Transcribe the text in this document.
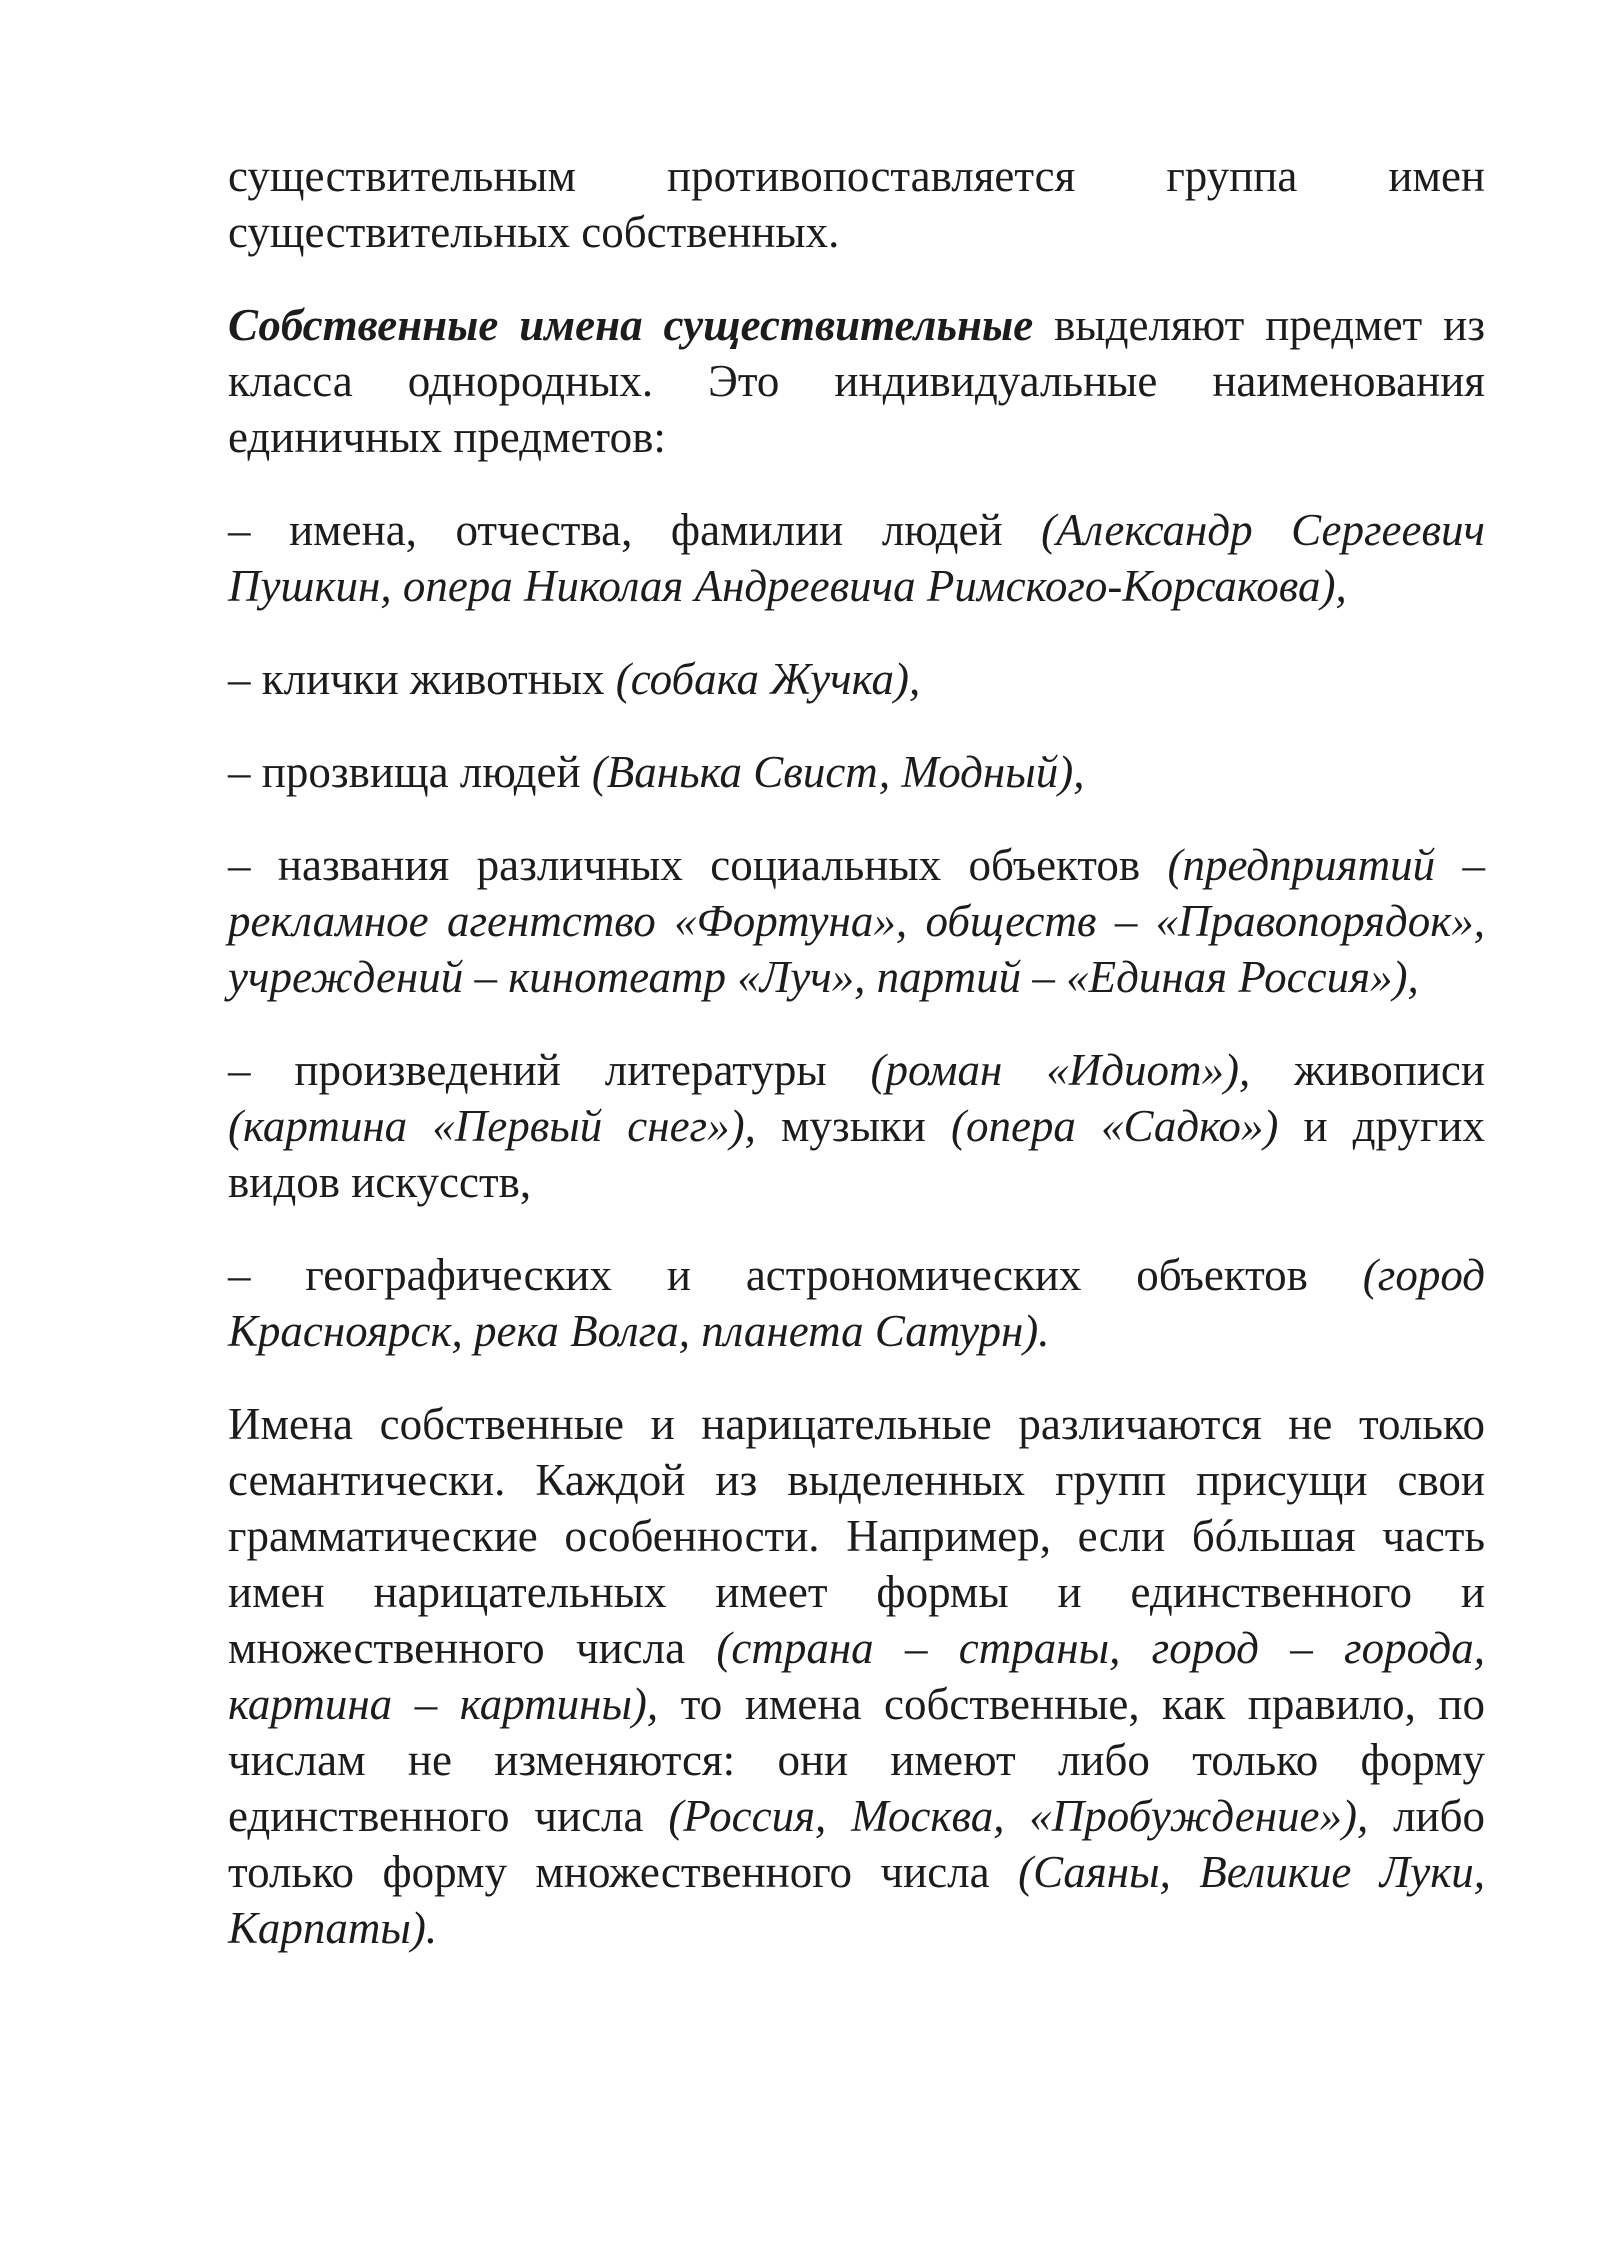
существительным противопоставляется группа имен существительных собственных.

Собственные имена существительные выделяют предмет из класса однородных. Это индивидуальные наименования единичных предметов:

– имена, отчества, фамилии людей (Александр Сергеевич Пушкин, опера Николая Андреевича Римского-Корсакова),

– клички животных (собака Жучка),

– прозвища людей (Ванька Свист, Модный),

– названия различных социальных объектов (предприятий – рекламное агентство «Фортуна», обществ – «Правопорядок», учреждений – кинотеатр «Луч», партий – «Единая Россия»),

– произведений литературы (роман «Идиот»), живописи (картина «Первый снег»), музыки (опера «Садко») и других видов искусств,

– географических и астрономических объектов (город Красноярск, река Волга, планета Сатурн).

Имена собственные и нарицательные различаются не только семантически. Каждой из выделенных групп присущи свои грамматические особенности. Например, если бóльшая часть имен нарицательных имеет формы и единственного и множественного числа (страна – страны, город – города, картина – картины), то имена собственные, как правило, по числам не изменяются: они имеют либо только форму единственного числа (Россия, Москва, «Пробуждение»), либо только форму множественного числа (Саяны, Великие Луки, Карпаты).
